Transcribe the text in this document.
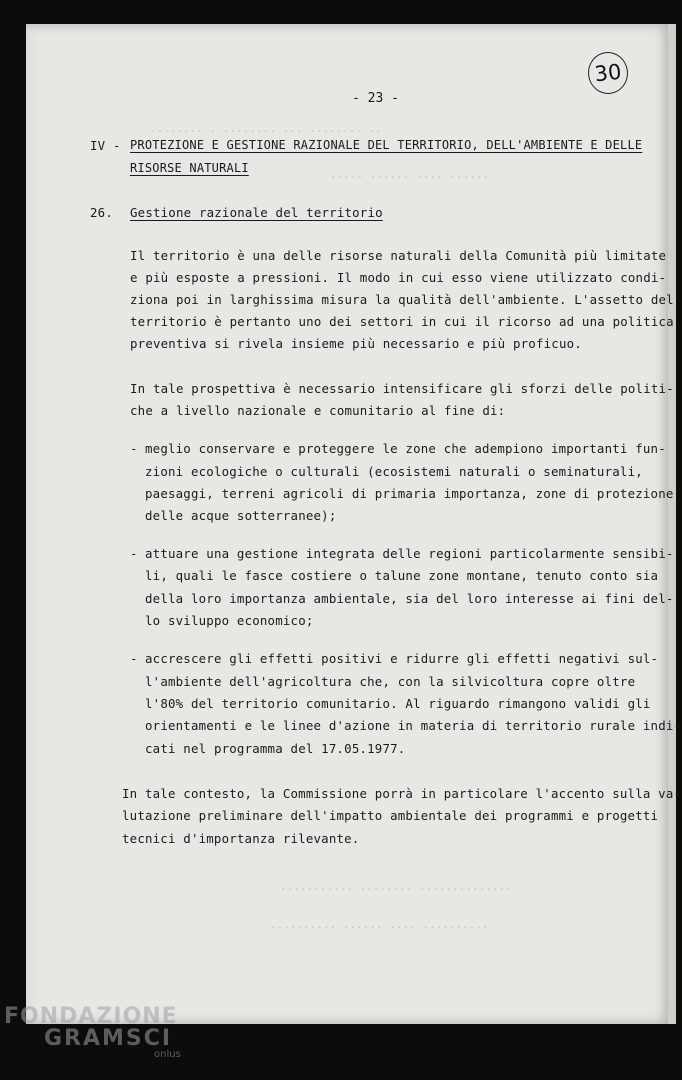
.. ........ ... ........ . ........
...... .... ...... .....
.............. ........ ...........
.......... .... ...... ..........
30
- 23 -
IV - PROTEZIONE E GESTIONE RAZIONALE DEL TERRITORIO, DELL'AMBIENTE E DELLE
RISORSE NATURALI
26. Gestione razionale del territorio
Il territorio è una delle risorse naturali della Comunità più limitate
e più esposte a pressioni. Il modo in cui esso viene utilizzato condi-
ziona poi in larghissima misura la qualità dell'ambiente. L'assetto del
territorio è pertanto uno dei settori in cui il ricorso ad una politica
preventiva si rivela insieme più necessario e più proficuo.
In tale prospettiva è necessario intensificare gli sforzi delle politi-
che a livello nazionale e comunitario al fine di:
- meglio conservare e proteggere le zone che adempiono importanti fun-
zioni ecologiche o culturali (ecosistemi naturali o seminaturali,
paesaggi, terreni agricoli di primaria importanza, zone di protezione
delle acque sotterranee);
- attuare una gestione integrata delle regioni particolarmente sensibi-
li, quali le fasce costiere o talune zone montane, tenuto conto sia
della loro importanza ambientale, sia del loro interesse ai fini del-
lo sviluppo economico;
- accrescere gli effetti positivi e ridurre gli effetti negativi sul-
l'ambiente dell'agricoltura che, con la silvicoltura copre oltre
l'80% del territorio comunitario. Al riguardo rimangono validi gli
orientamenti e le linee d'azione in materia di territorio rurale indi-
cati nel programma del 17.05.1977.
In tale contesto, la Commissione porrà in particolare l'accento sulla va-
lutazione preliminare dell'impatto ambientale dei programmi e progetti
tecnici d'importanza rilevante.
FONDAZIONE
GRAMSCI
onlus
